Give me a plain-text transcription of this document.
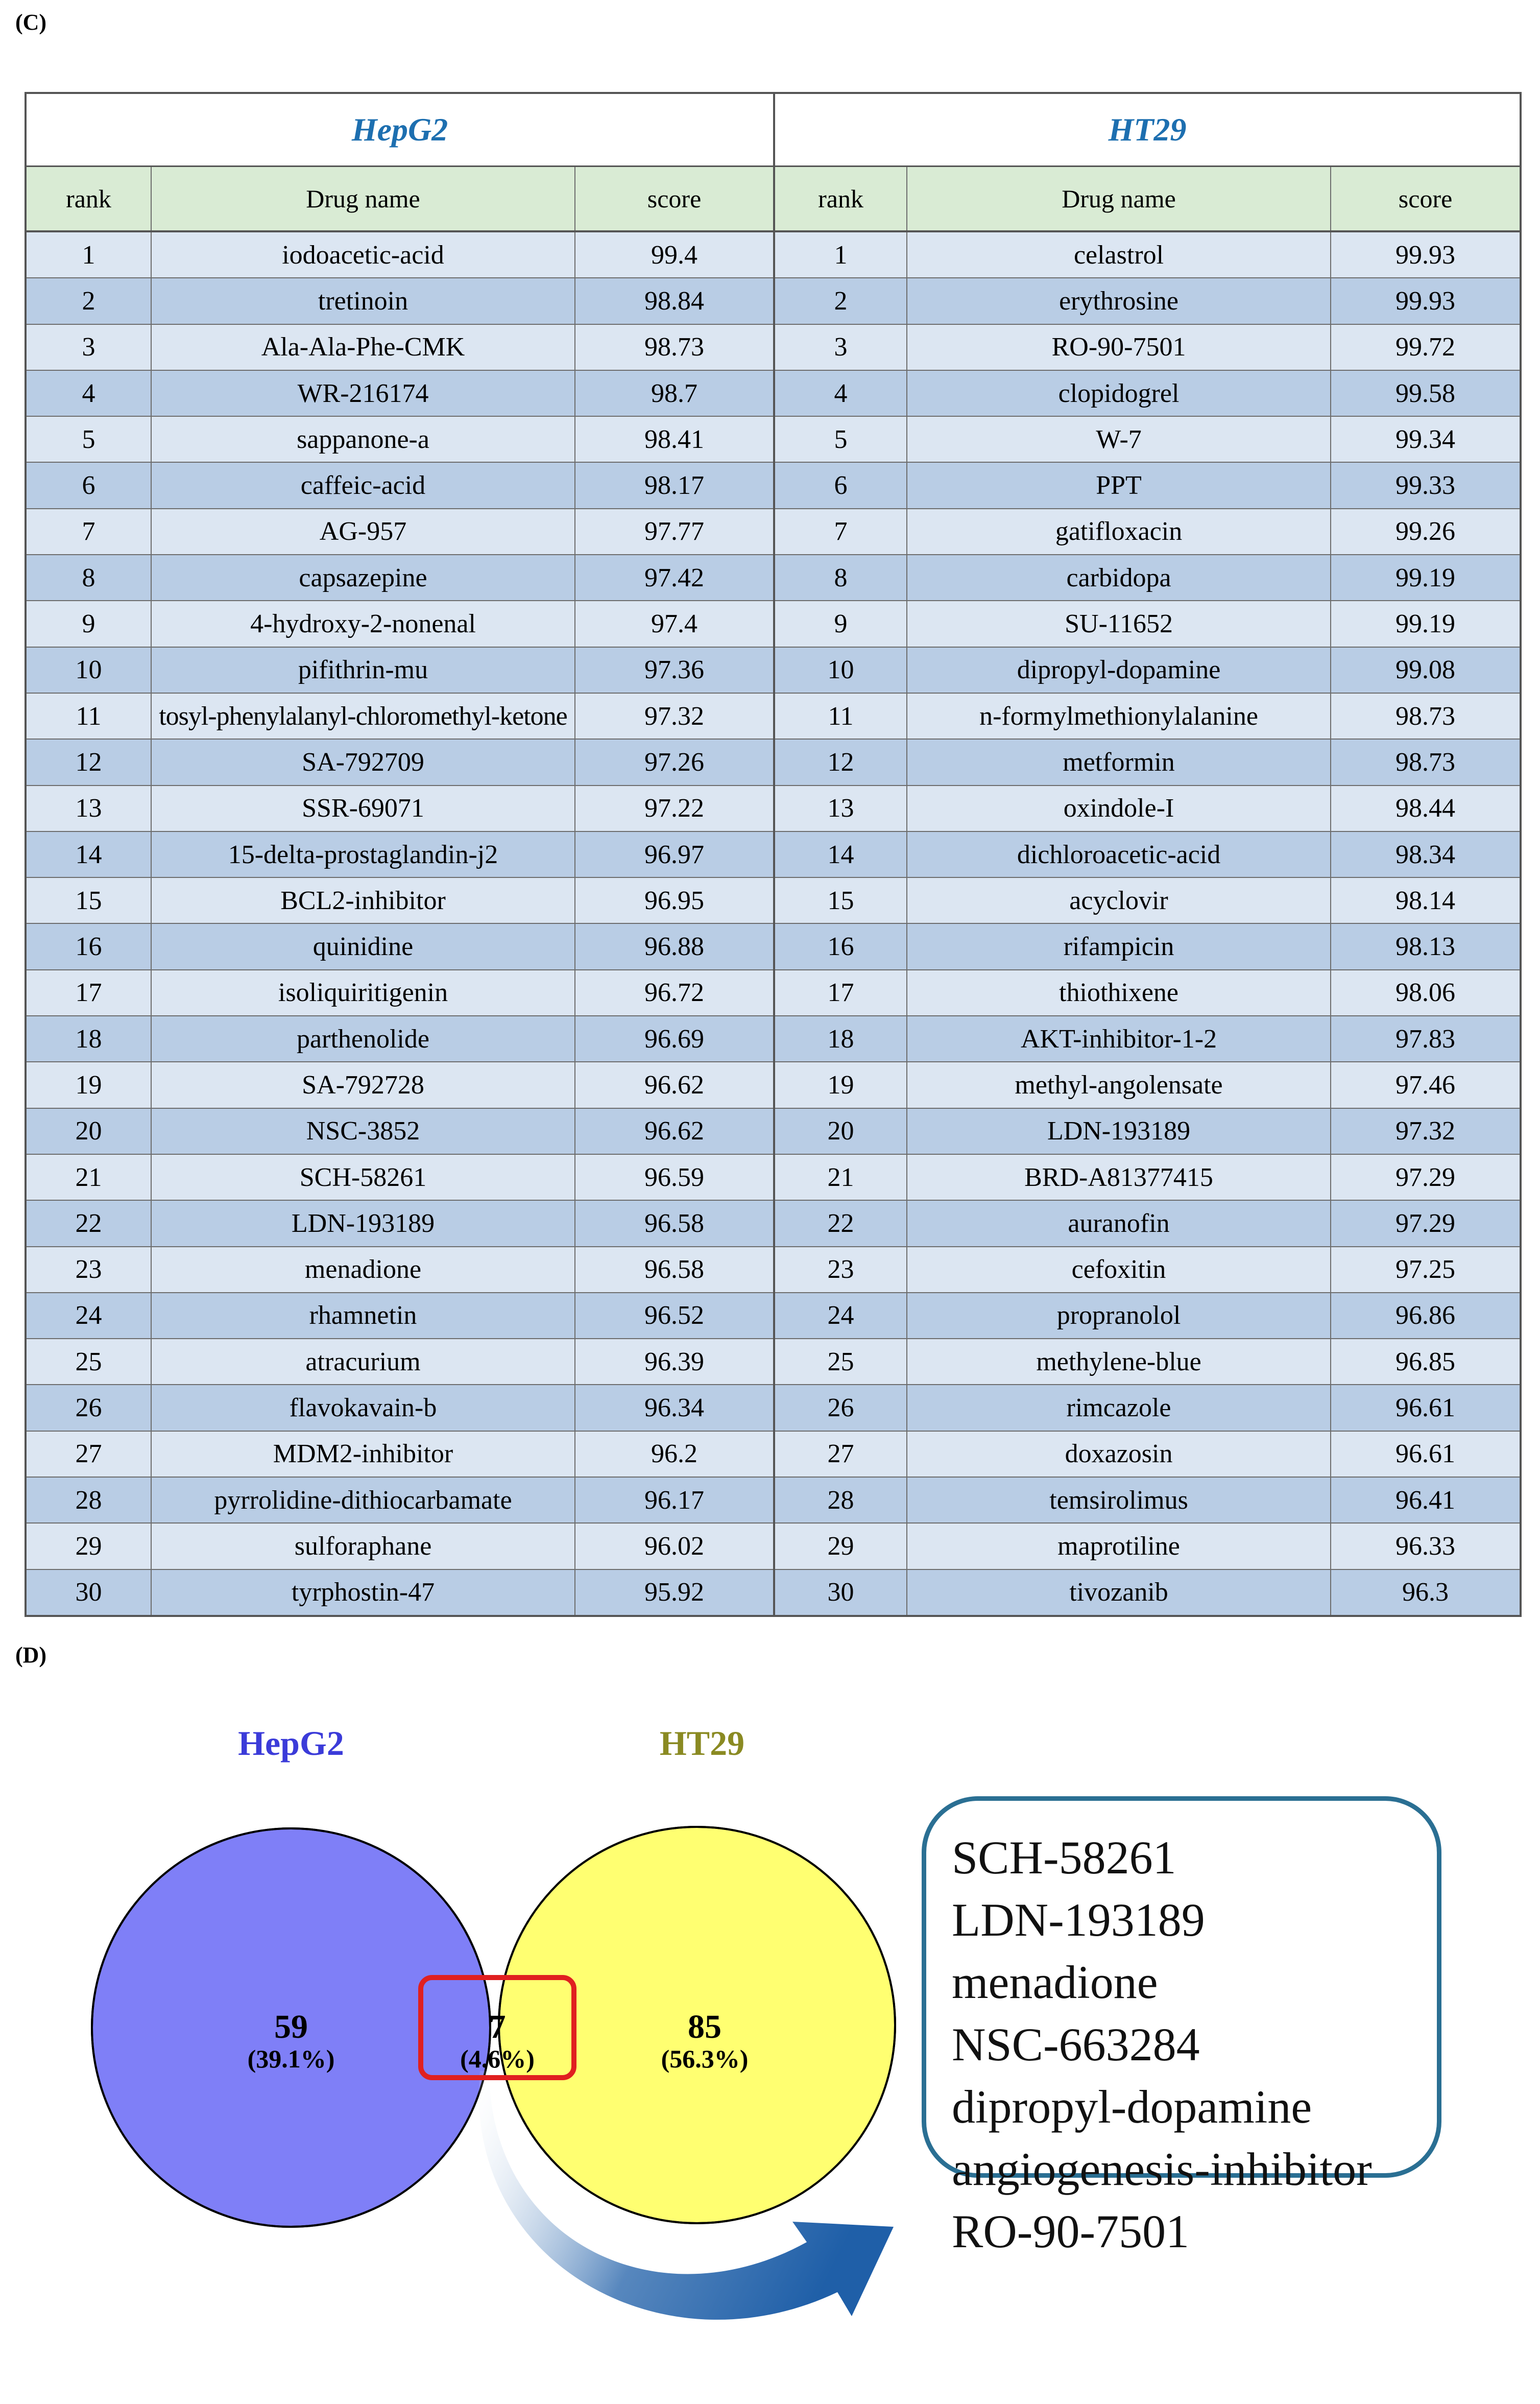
(C)
HepG2			HT29		
rank	Drug name	score	rank	Drug name	score
1	iodoacetic-acid	99.4	1	celastrol	99.93
2	tretinoin	98.84	2	erythrosine	99.93
3	Ala-Ala-Phe-CMK	98.73	3	RO-90-7501	99.72
4	WR-216174	98.7	4	clopidogrel	99.58
5	sappanone-a	98.41	5	W-7	99.34
6	caffeic-acid	98.17	6	PPT	99.33
7	AG-957	97.77	7	gatifloxacin	99.26
8	capsazepine	97.42	8	carbidopa	99.19
9	4-hydroxy-2-nonenal	97.4	9	SU-11652	99.19
10	pifithrin-mu	97.36	10	dipropyl-dopamine	99.08
11	tosyl-phenylalanyl-chloromethyl-ketone	97.32	11	n-formylmethionylalanine	98.73
12	SA-792709	97.26	12	metformin	98.73
13	SSR-69071	97.22	13	oxindole-I	98.44
14	15-delta-prostaglandin-j2	96.97	14	dichloroacetic-acid	98.34
15	BCL2-inhibitor	96.95	15	acyclovir	98.14
16	quinidine	96.88	16	rifampicin	98.13
17	isoliquiritigenin	96.72	17	thiothixene	98.06
18	parthenolide	96.69	18	AKT-inhibitor-1-2	97.83
19	SA-792728	96.62	19	methyl-angolensate	97.46
20	NSC-3852	96.62	20	LDN-193189	97.32
21	SCH-58261	96.59	21	BRD-A81377415	97.29
22	LDN-193189	96.58	22	auranofin	97.29
23	menadione	96.58	23	cefoxitin	97.25
24	rhamnetin	96.52	24	propranolol	96.86
25	atracurium	96.39	25	methylene-blue	96.85
26	flavokavain-b	96.34	26	rimcazole	96.61
27	MDM2-inhibitor	96.2	27	doxazosin	96.61
28	pyrrolidine-dithiocarbamate	96.17	28	temsirolimus	96.41
29	sulforaphane	96.02	29	maprotiline	96.33
30	tyrphostin-47	95.92	30	tivozanib	96.3
(D)
HepG2	HT29
59
(39.1%)
7
(4.6%)
85
(56.3%)
SCH-58261
LDN-193189
menadione
NSC-663284
dipropyl-dopamine
angiogenesis-inhibitor
RO-90-7501
